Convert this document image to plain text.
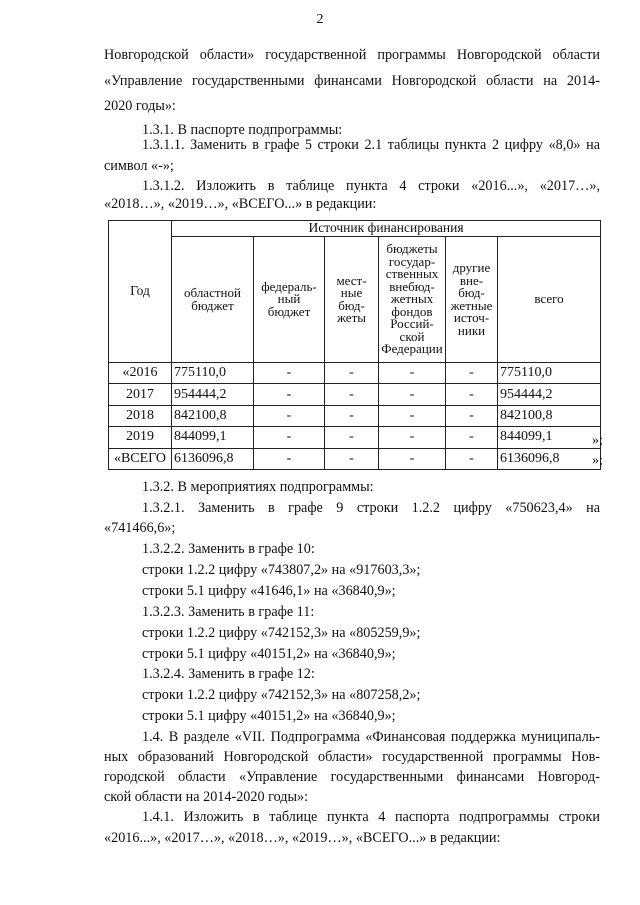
2
Новгородской области» государственной программы Новгородской области
«Управление государственными финансами Новгородской области на 2014-
2020 годы»:
1.3.1. В паспорте подпрограммы:
1.3.1.1. Заменить в графе 5 строки 2.1 таблицы пункта 2 цифру «8,0» на
символ «-»;
1.3.1.2. Изложить в таблице пункта 4 строки «2016...», «2017…»,
«2018…», «2019…», «ВСЕГО...» в редакции:
Год	Источник финансирования					
	областной бюджет	федераль-ный бюджет	мест-ные бюд-жеты	бюджеты государ-ственных внебюд-жетных фондов Россий-ской Федерации	другие вне-бюд-жетные источ-ники	всего
«2016	775110,0	-	-	-	-	775110,0
2017	954444,2	-	-	-	-	954444,2
2018	842100,8	-	-	-	-	842100,8
2019	844099,1	-	-	-	-	844099,1
«ВСЕГО	6136096,8	-	-	-	-	6136096,8
»;
»;
1.3.2. В мероприятиях подпрограммы:
1.3.2.1. Заменить в графе 9 строки 1.2.2 цифру «750623,4» на
«741466,6»;
1.3.2.2. Заменить в графе 10:
строки 1.2.2 цифру «743807,2» на «917603,3»;
строки 5.1 цифру «41646,1» на «36840,9»;
1.3.2.3. Заменить в графе 11:
строки 1.2.2 цифру «742152,3» на «805259,9»;
строки 5.1 цифру «40151,2» на «36840,9»;
1.3.2.4. Заменить в графе 12:
строки 1.2.2 цифру «742152,3» на «807258,2»;
строки 5.1 цифру «40151,2» на «36840,9»;
1.4. В разделе «VII. Подпрограмма «Финансовая поддержка муниципаль-
ных образований Новгородской области» государственной программы Нов-
городской области «Управление государственными финансами Новгород-
ской области на 2014-2020 годы»:
1.4.1. Изложить в таблице пункта 4 паспорта подпрограммы строки
«2016...», «2017…», «2018…», «2019…», «ВСЕГО...» в редакции:
